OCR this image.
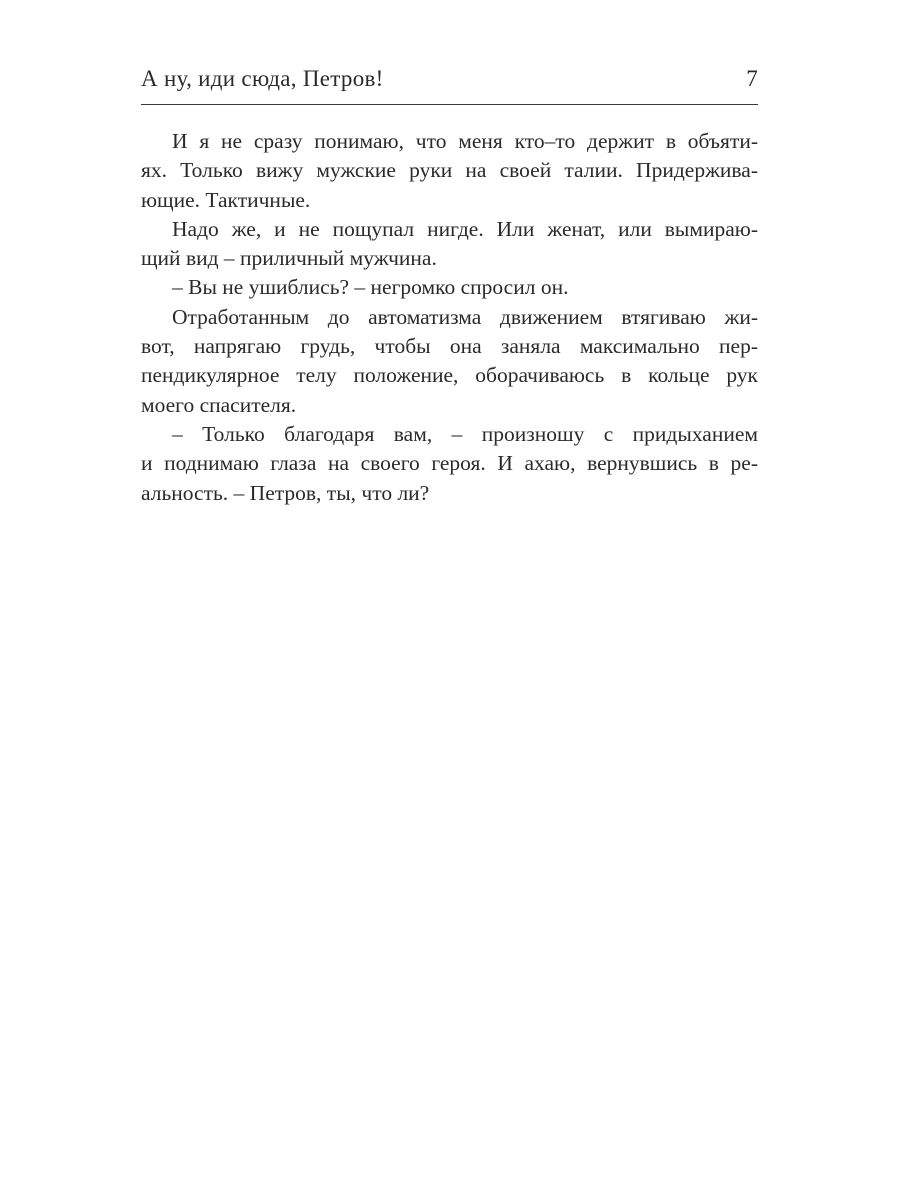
А ну, иди сюда, Петров!	7
И я не сразу понимаю, что меня кто–то держит в объяти-
ях. Только вижу мужские руки на своей талии. Придержива-
ющие. Тактичные.
Надо же, и не пощупал нигде. Или женат, или вымираю-
щий вид – приличный мужчина.
– Вы не ушиблись? – негромко спросил он.
Отработанным до автоматизма движением втягиваю жи-
вот, напрягаю грудь, чтобы она заняла максимально пер-
пендикулярное телу положение, оборачиваюсь в кольце рук
моего спасителя.
– Только благодаря вам, – произношу с придыханием
и поднимаю глаза на своего героя. И ахаю, вернувшись в ре-
альность. – Петров, ты, что ли?
